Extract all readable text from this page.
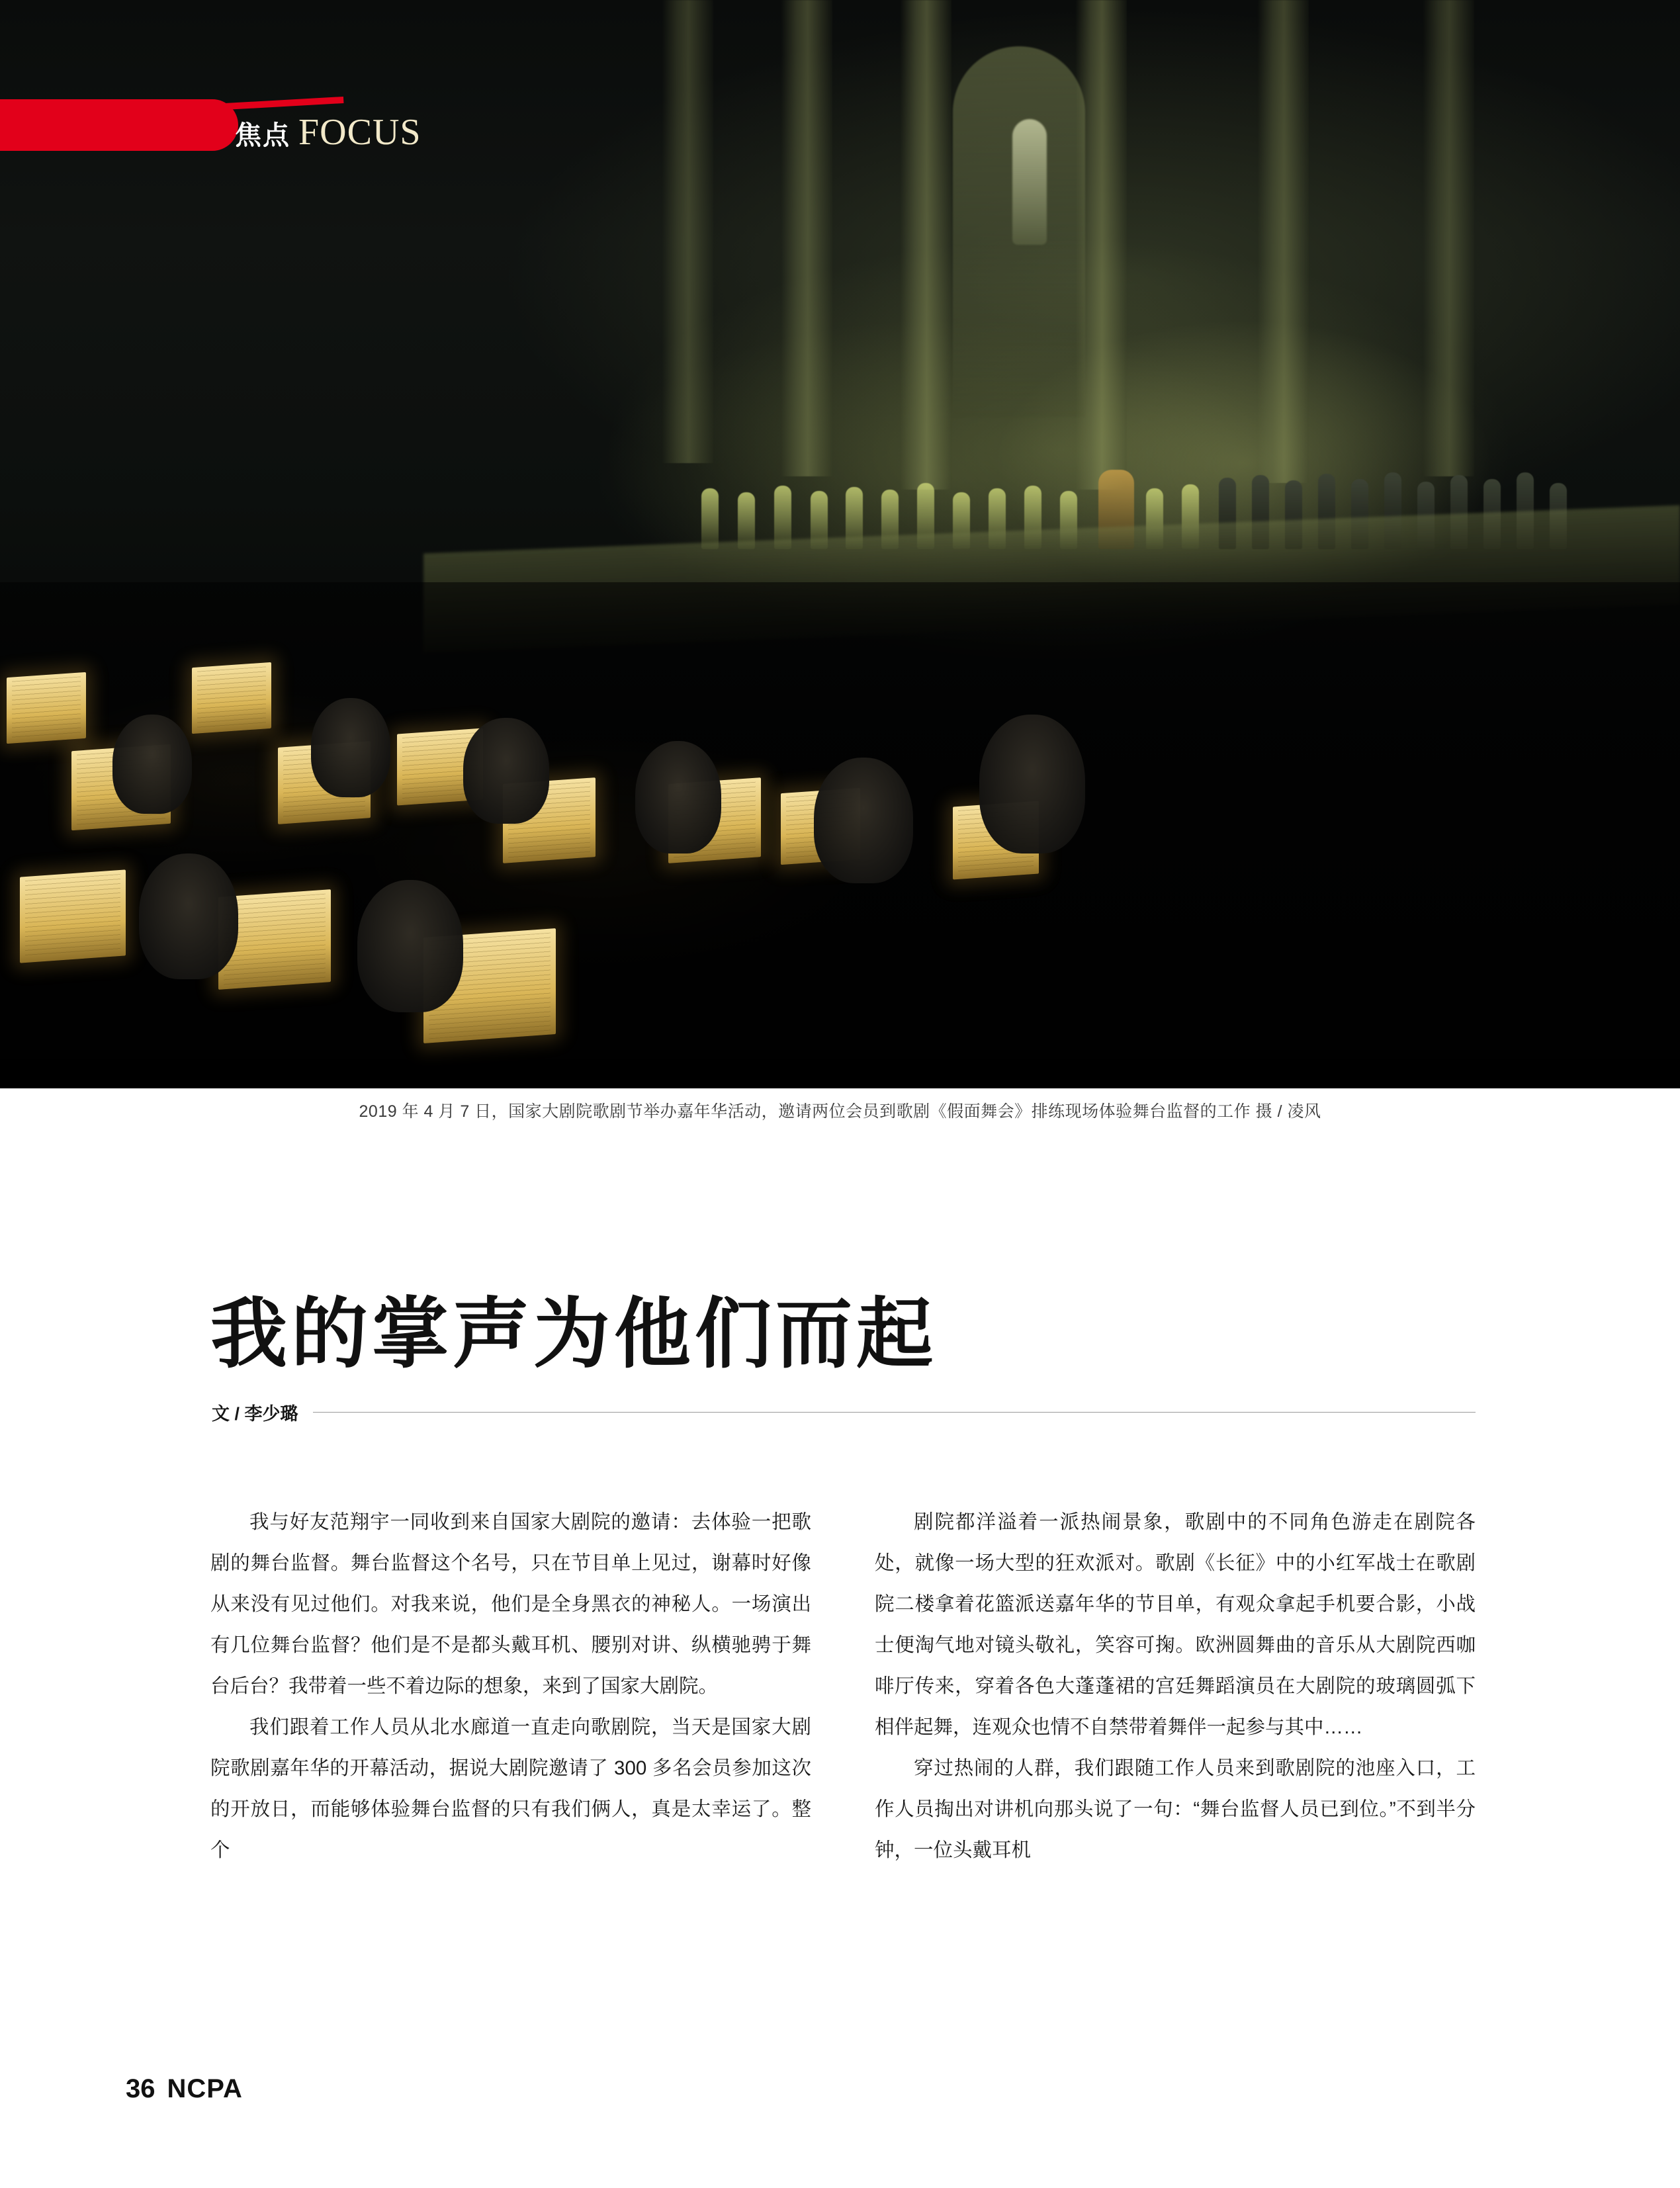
焦点 FOCUS
2019 年 4 月 7 日，国家大剧院歌剧节举办嘉年华活动，邀请两位会员到歌剧《假面舞会》排练现场体验舞台监督的工作 摄 / 凌风
我的掌声为他们而起
文 / 李少璐

我与好友范翔宇一同收到来自国家大剧院的邀请：去体验一把歌剧的舞台监督。舞台监督这个名号，只在节目单上见过，谢幕时好像从来没有见过他们。对我来说，他们是全身黑衣的神秘人。一场演出有几位舞台监督？他们是不是都头戴耳机、腰别对讲、纵横驰骋于舞台后台？我带着一些不着边际的想象，来到了国家大剧院。

我们跟着工作人员从北水廊道一直走向歌剧院，当天是国家大剧院歌剧嘉年华的开幕活动，据说大剧院邀请了 300 多名会员参加这次的开放日，而能够体验舞台监督的只有我们俩人，真是太幸运了。整个

剧院都洋溢着一派热闹景象，歌剧中的不同角色游走在剧院各处，就像一场大型的狂欢派对。歌剧《长征》中的小红军战士在歌剧院二楼拿着花篮派送嘉年华的节目单，有观众拿起手机要合影，小战士便淘气地对镜头敬礼，笑容可掬。欧洲圆舞曲的音乐从大剧院西咖啡厅传来，穿着各色大蓬蓬裙的宫廷舞蹈演员在大剧院的玻璃圆弧下相伴起舞，连观众也情不自禁带着舞伴一起参与其中……

穿过热闹的人群，我们跟随工作人员来到歌剧院的池座入口，工作人员掏出对讲机向那头说了一句：“舞台监督人员已到位。”不到半分钟，一位头戴耳机

36 NCPA
